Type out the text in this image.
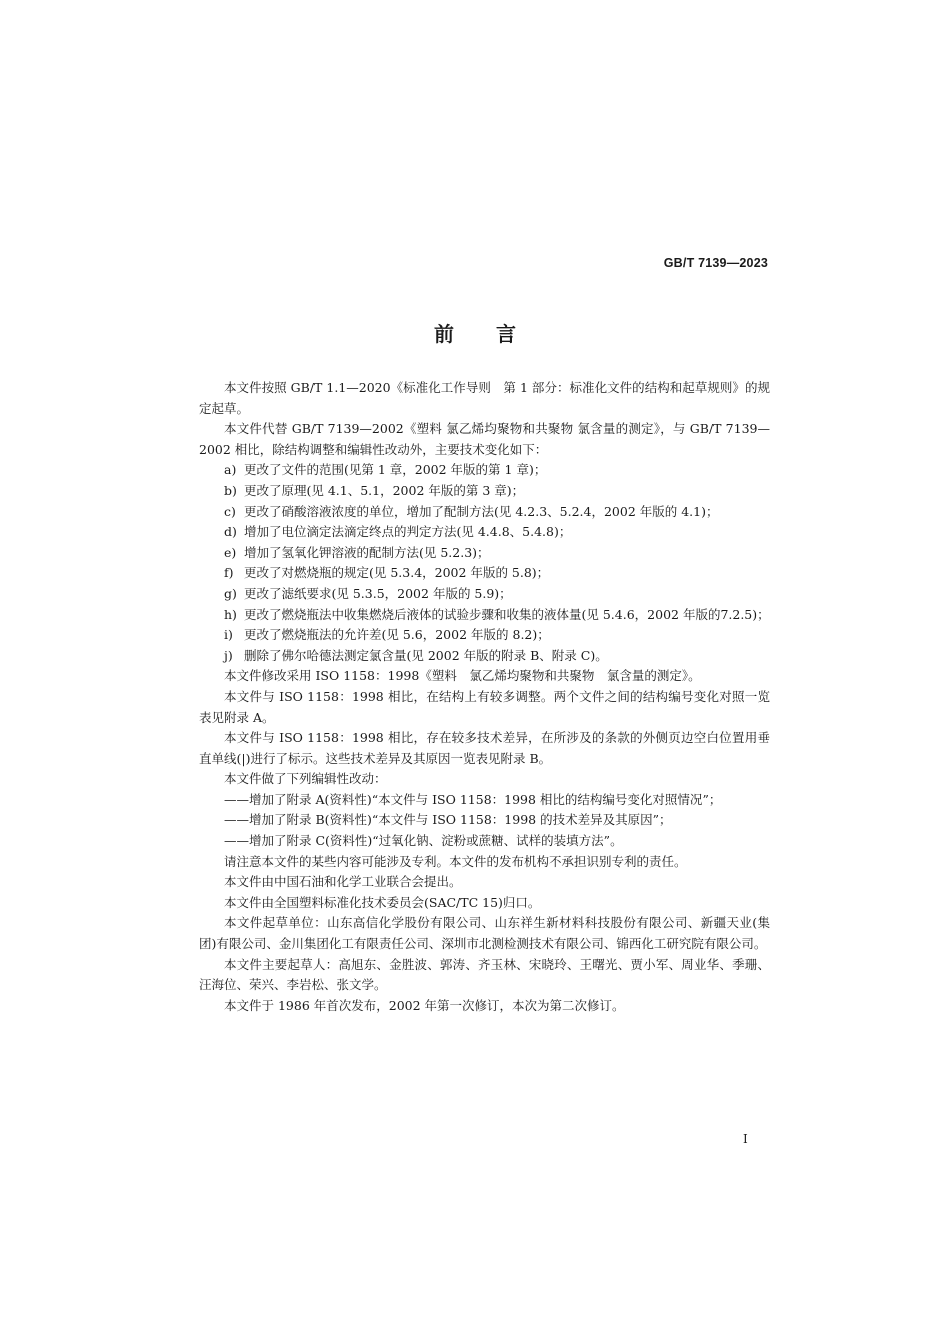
GB/T 7139—2023
前言

本文件按照 GB/T 1.1—2020《标准化工作导则　第 1 部分：标准化文件的结构和起草规则》的规定起草。

本文件代替 GB/T 7139—2002《塑料 氯乙烯均聚物和共聚物 氯含量的测定》，与 GB/T 7139—2002 相比，除结构调整和编辑性改动外，主要技术变化如下：

a) 更改了文件的范围(见第 1 章，2002 年版的第 1 章)；

b) 更改了原理(见 4.1、5.1，2002 年版的第 3 章)；

c) 更改了硝酸溶液浓度的单位，增加了配制方法(见 4.2.3、5.2.4，2002 年版的 4.1)；

d) 增加了电位滴定法滴定终点的判定方法(见 4.4.8、5.4.8)；

e) 增加了氢氧化钾溶液的配制方法(见 5.2.3)；

f) 更改了对燃烧瓶的规定(见 5.3.4，2002 年版的 5.8)；

g) 更改了滤纸要求(见 5.3.5，2002 年版的 5.9)；

h) 更改了燃烧瓶法中收集燃烧后液体的试验步骤和收集的液体量(见 5.4.6，2002 年版的7.2.5)；

i) 更改了燃烧瓶法的允许差(见 5.6，2002 年版的 8.2)；

j) 删除了佛尔哈德法测定氯含量(见 2002 年版的附录 B、附录 C)。

本文件修改采用 ISO 1158：1998《塑料　氯乙烯均聚物和共聚物　氯含量的测定》。

本文件与 ISO 1158：1998 相比，在结构上有较多调整。两个文件之间的结构编号变化对照一览表见附录 A。

本文件与 ISO 1158：1998 相比，存在较多技术差异，在所涉及的条款的外侧页边空白位置用垂直单线(|)进行了标示。这些技术差异及其原因一览表见附录 B。

本文件做了下列编辑性改动：

——增加了附录 A(资料性)“本文件与 ISO 1158：1998 相比的结构编号变化对照情况”；

——增加了附录 B(资料性)“本文件与 ISO 1158：1998 的技术差异及其原因”；

——增加了附录 C(资料性)“过氧化钠、淀粉或蔗糖、试样的装填方法”。

请注意本文件的某些内容可能涉及专利。本文件的发布机构不承担识别专利的责任。

本文件由中国石油和化学工业联合会提出。

本文件由全国塑料标准化技术委员会(SAC/TC 15)归口。

本文件起草单位：山东高信化学股份有限公司、山东祥生新材料科技股份有限公司、新疆天业(集团)有限公司、金川集团化工有限责任公司、深圳市北测检测技术有限公司、锦西化工研究院有限公司。

本文件主要起草人：高旭东、金胜波、郭涛、齐玉林、宋晓玲、王曙光、贾小军、周业华、季珊、汪海位、荣兴、李岩松、张文学。

本文件于 1986 年首次发布，2002 年第一次修订，本次为第二次修订。

I
